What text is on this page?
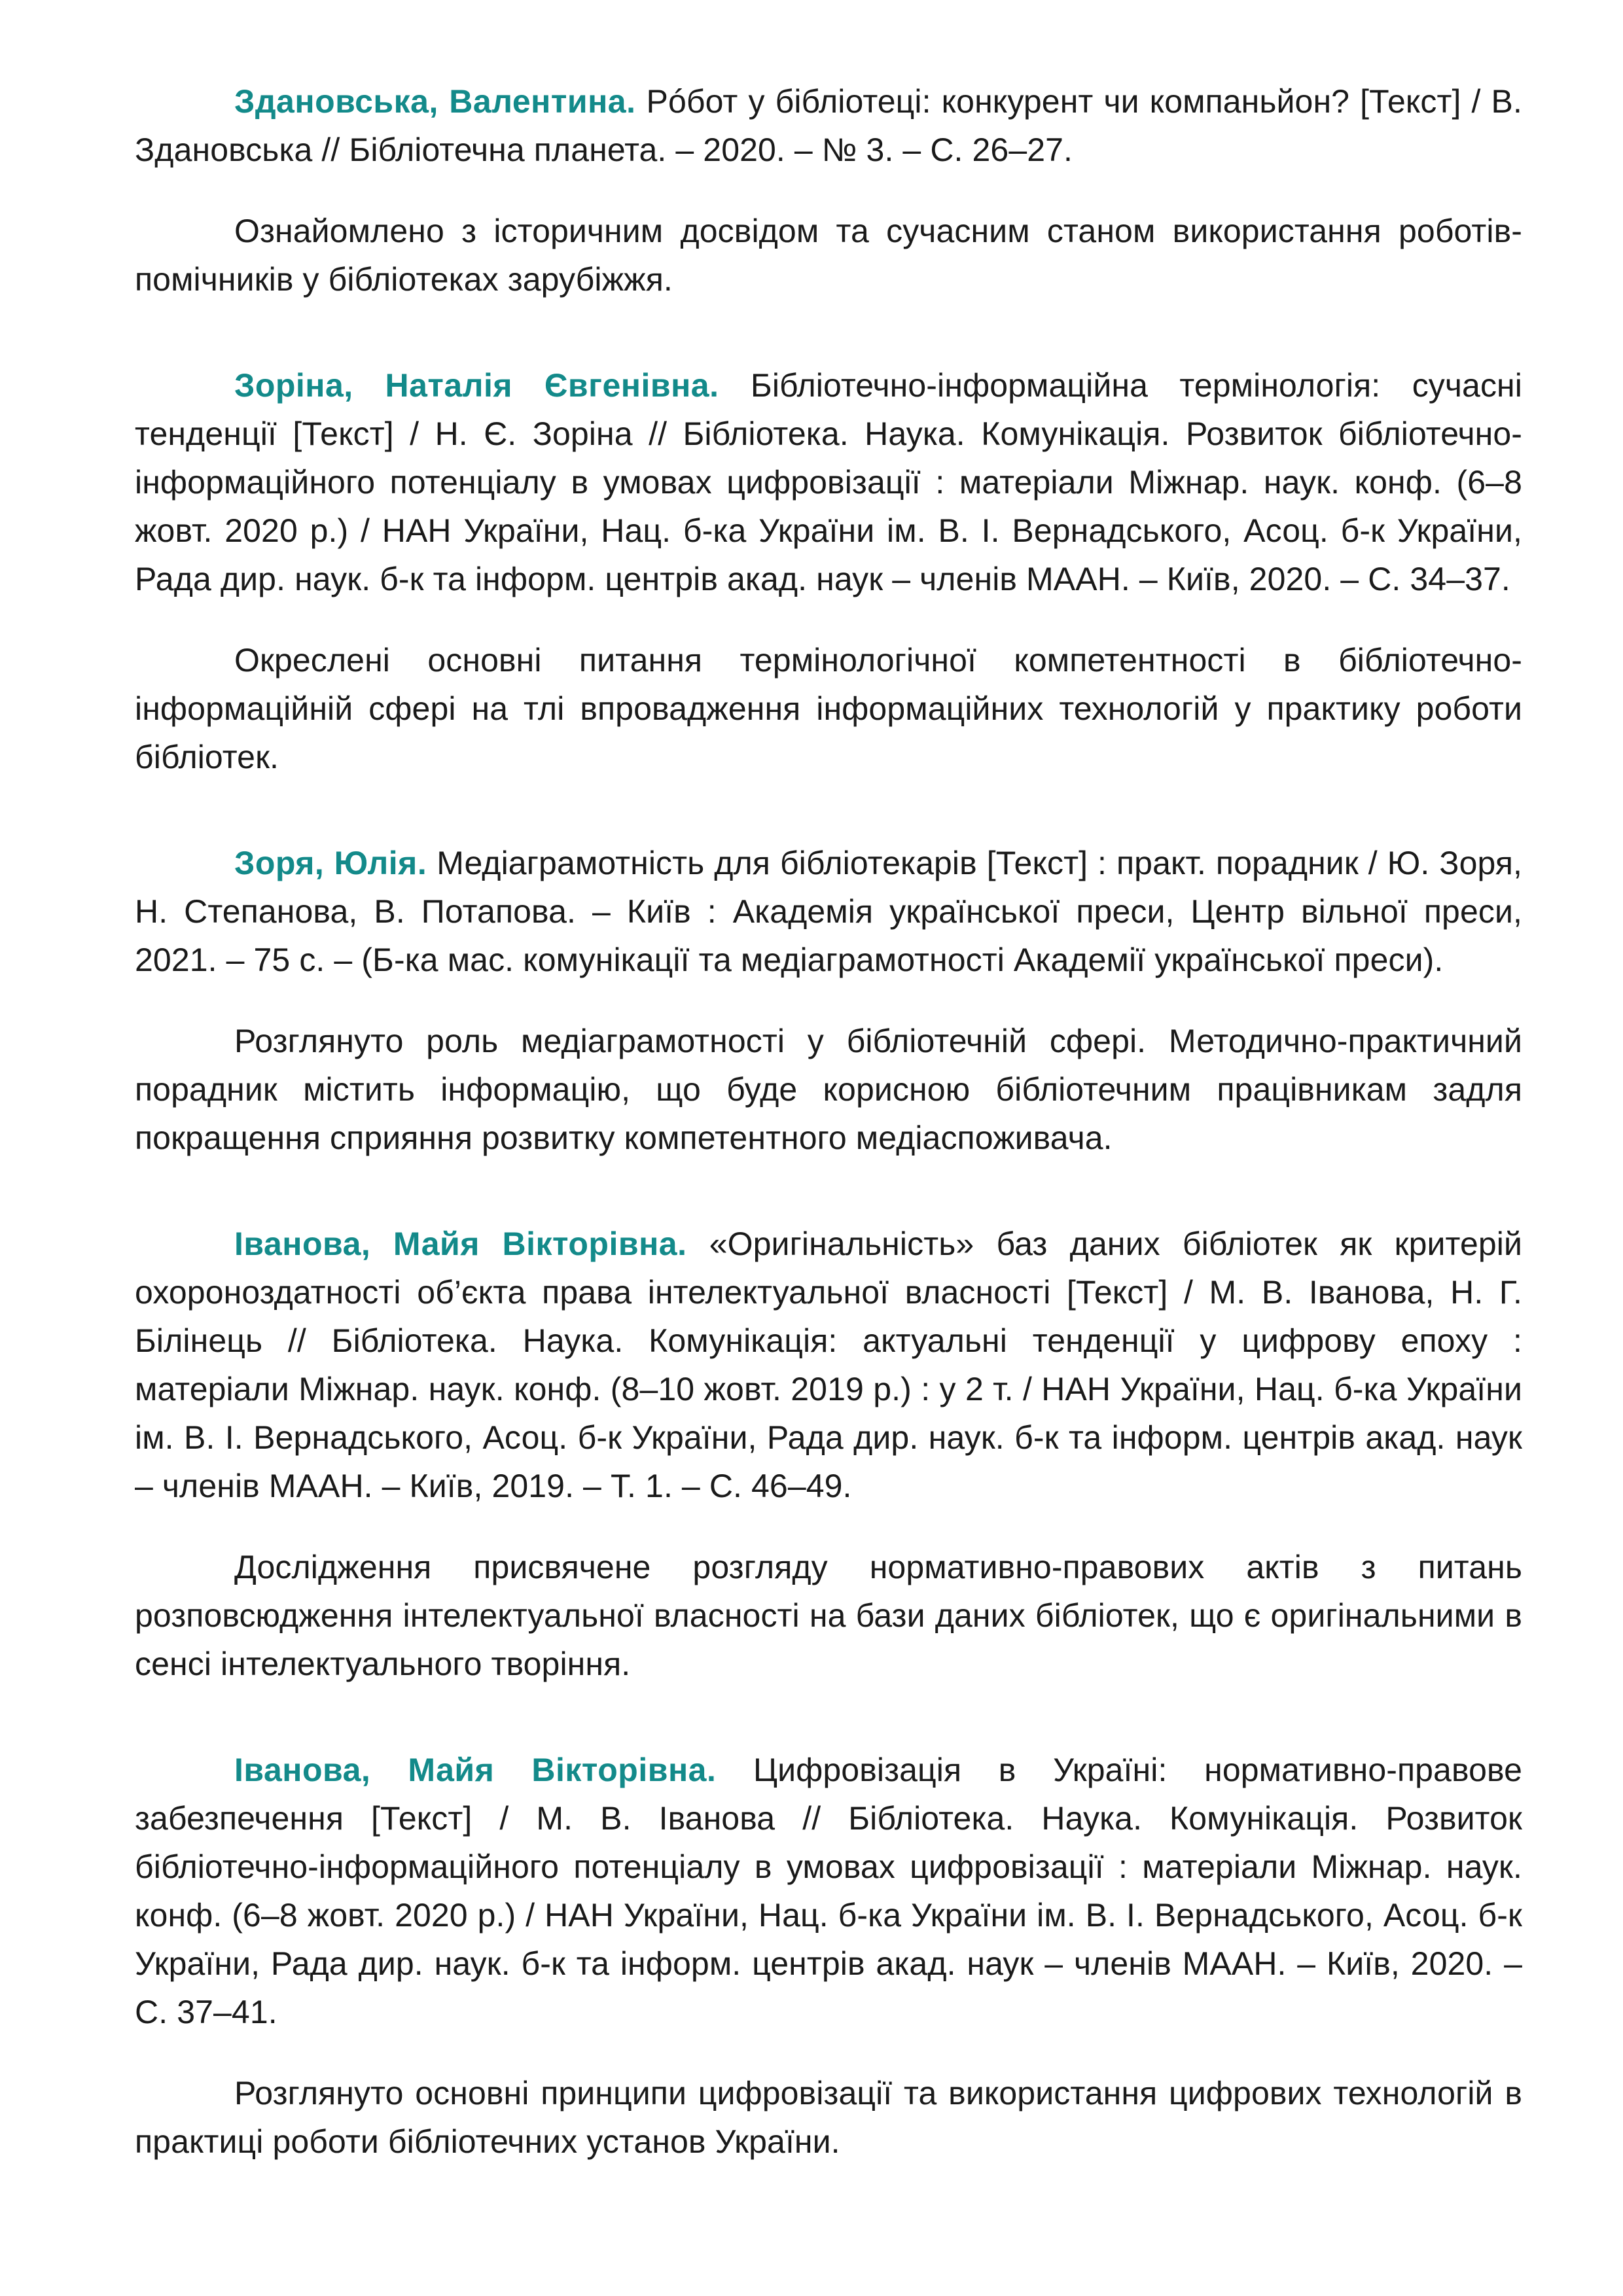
Здановська, Валентина. Рóбот у бібліотеці: конкурент чи компаньйон? [Текст] / В. Здановська // Бібліотечна планета. – 2020. – № 3. – С. 26–27.

Ознайомлено з історичним досвідом та сучасним станом використання роботів-помічників у бібліотеках зарубіжжя.

Зоріна, Наталія Євгенівна. Бібліотечно-інформаційна термінологія: сучасні тенденції [Текст] / Н. Є. Зоріна // Бібліотека. Наука. Комунікація. Розвиток бібліотечно-інформаційного потенціалу в умовах цифровізації : матеріали Міжнар. наук. конф. (6–8 жовт. 2020 р.) / НАН України, Нац. б-ка України ім. В. І. Вернадського, Асоц. б-к України, Рада дир. наук. б-к та інформ. центрів акад. наук – членів МААН. – Київ, 2020. – С. 34–37.

Окреслені основні питання термінологічної компетентності в бібліотечно-інформаційній сфері на тлі впровадження інформаційних технологій у практику роботи бібліотек.

Зоря, Юлія. Медіаграмотність для бібліотекарів [Текст] : практ. порадник / Ю. Зоря, Н. Степанова, В. Потапова. – Київ : Академія української преси, Центр вільної преси, 2021. – 75 с. – (Б-ка мас. комунікації та медіаграмотності Академії української преси).

Розглянуто роль медіаграмотності у бібліотечній сфері. Методично-практичний порадник містить інформацію, що буде корисною бібліотечним працівникам задля покращення сприяння розвитку компетентного медіаспоживача.

Іванова, Майя Вікторівна. «Оригінальність» баз даних бібліотек як критерій охороноздатності об’єкта права інтелектуальної власності [Текст] / М. В. Іванова, Н. Г. Білінець // Бібліотека. Наука. Комунікація: актуальні тенденції у цифрову епоху : матеріали Міжнар. наук. конф. (8–10 жовт. 2019 р.) : у 2 т. / НАН України, Нац. б-ка України ім. В. І. Вернадського, Асоц. б-к України, Рада дир. наук. б-к та інформ. центрів акад. наук – членів МААН. – Київ, 2019. – Т. 1. – С. 46–49.

Дослідження присвячене розгляду нормативно-правових актів з питань розповсюдження інтелектуальної власності на бази даних бібліотек, що є оригінальними в сенсі інтелектуального творіння.

Іванова, Майя Вікторівна. Цифровізація в Україні: нормативно-правове забезпечення [Текст] / М. В. Іванова // Бібліотека. Наука. Комунікація. Розвиток бібліотечно-інформаційного потенціалу в умовах цифровізації : матеріали Міжнар. наук. конф. (6–8 жовт. 2020 р.) / НАН України, Нац. б-ка України ім. В. І. Вернадського, Асоц. б-к України, Рада дир. наук. б-к та інформ. центрів акад. наук – членів МААН. – Київ, 2020. – С. 37–41.

Розглянуто основні принципи цифровізації та використання цифрових технологій в практиці роботи бібліотечних установ України.
